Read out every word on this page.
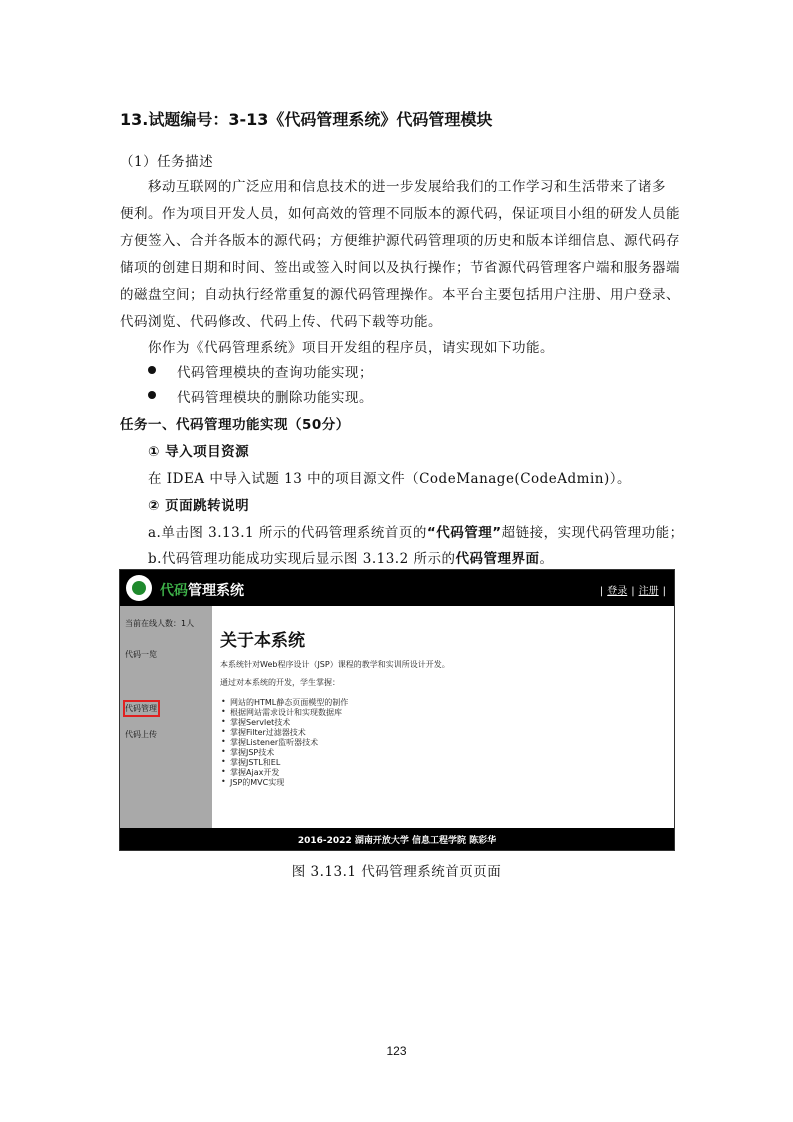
13.试题编号：3-13《代码管理系统》代码管理模块
（1）任务描述
移动互联网的广泛应用和信息技术的进一步发展给我们的工作学习和生活带来了诸多
便利。作为项目开发人员，如何高效的管理不同版本的源代码，保证项目小组的研发人员能
方便签入、合并各版本的源代码；方便维护源代码管理项的历史和版本详细信息、源代码存
储项的创建日期和时间、签出或签入时间以及执行操作；节省源代码管理客户端和服务器端
的磁盘空间；自动执行经常重复的源代码管理操作。本平台主要包括用户注册、用户登录、
代码浏览、代码修改、代码上传、代码下载等功能。
你作为《代码管理系统》项目开发组的程序员，请实现如下功能。
代码管理模块的查询功能实现；
代码管理模块的删除功能实现。
任务一、代码管理功能实现（50分）
① 导入项目资源
在 IDEA 中导入试题 13 中的项目源文件（CodeManage(CodeAdmin)）。
② 页面跳转说明
a.单击图 3.13.1 所示的代码管理系统首页的“代码管理”超链接，实现代码管理功能；
b.代码管理功能成功实现后显示图 3.13.2 所示的代码管理界面。
代码管理系统	| 登录 | 注册 |
当前在线人数：1人
代码一览
代码管理
代码上传
关于本系统
本系统针对Web程序设计（JSP）课程的教学和实训所设计开发。
通过对本系统的开发，学生掌握：
• 网站的HTML静态页面模型的制作
• 根据网站需求设计和实现数据库
• 掌握Servlet技术
• 掌握Filter过滤器技术
• 掌握Listener监听器技术
• 掌握JSP技术
• 掌握JSTL和EL
• 掌握Ajax开发
• JSP的MVC实现
2016-2022 湖南开放大学 信息工程学院 陈彩华
图 3.13.1 代码管理系统首页页面
123
